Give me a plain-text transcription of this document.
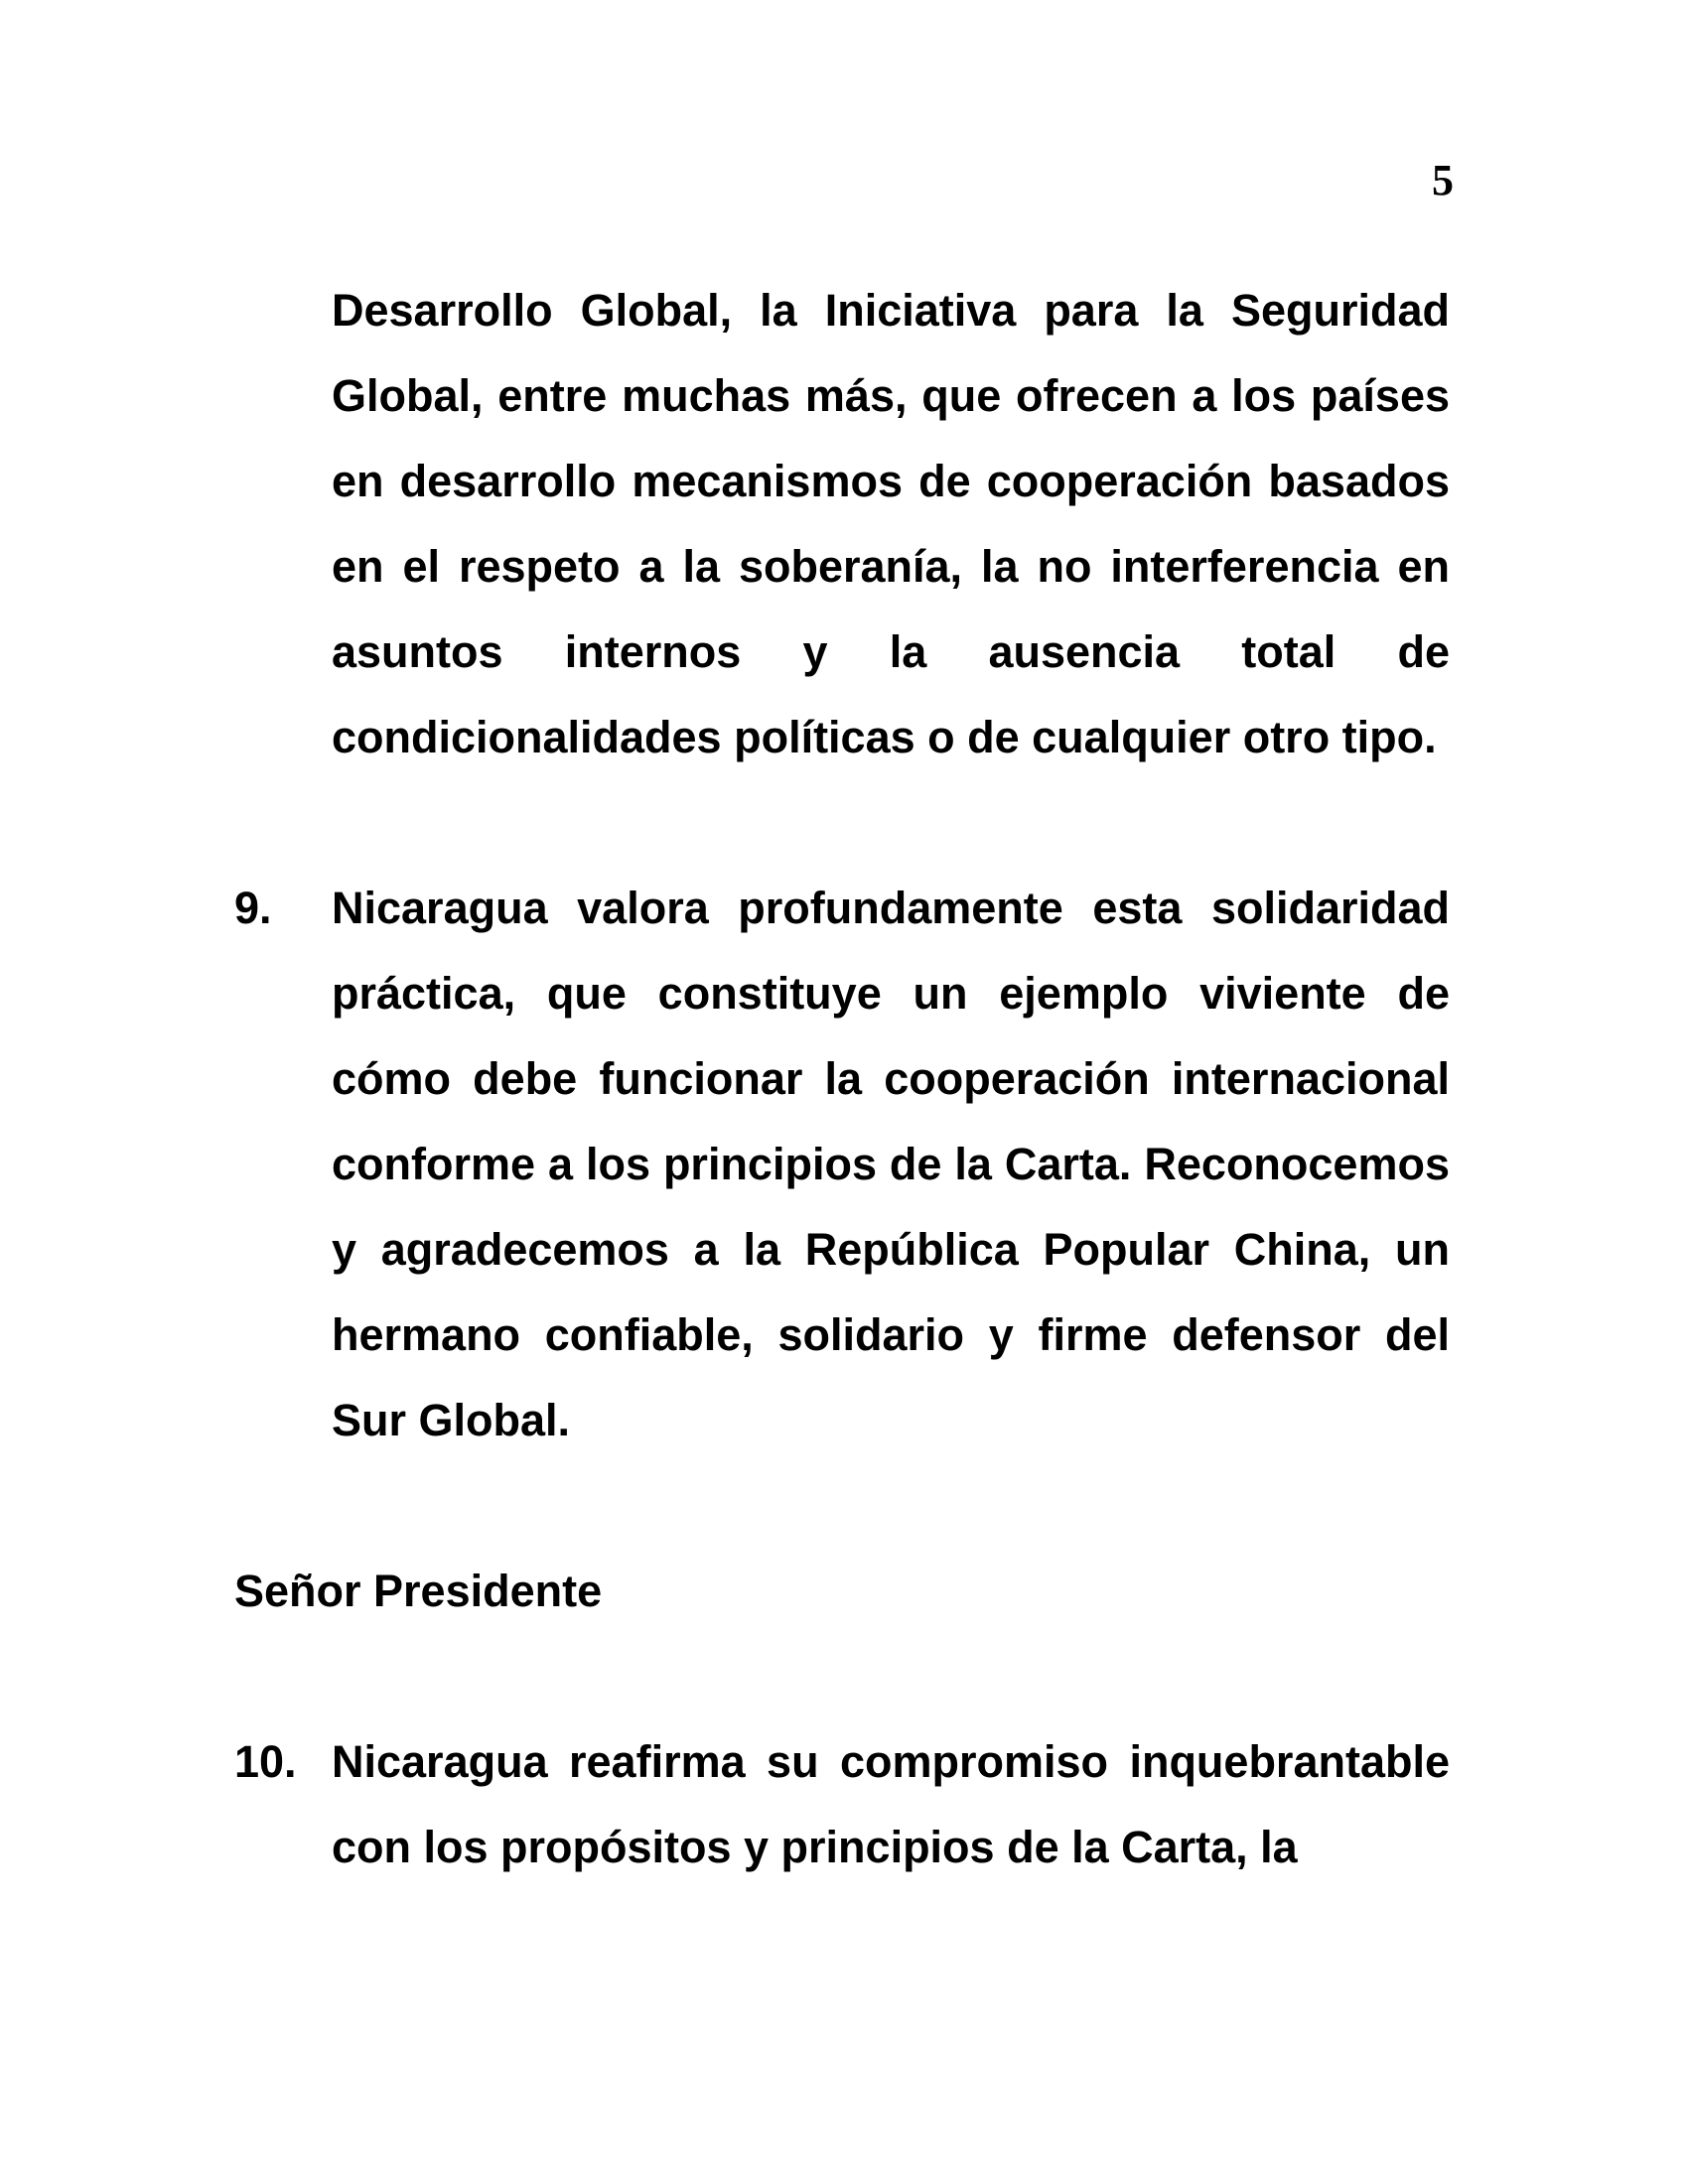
5
Desarrollo Global, la Iniciativa para la Seguridad Global, entre muchas más, que ofrecen a los países en desarrollo mecanismos de cooperación basados en el respeto a la soberanía, la no interferencia en asuntos internos y la ausencia total de condicionalidades políticas o de cualquier otro tipo.
9. Nicaragua valora profundamente esta solidaridad práctica, que constituye un ejemplo viviente de cómo debe funcionar la cooperación internacional conforme a los principios de la Carta. Reconocemos y agradecemos a la República Popular China, un hermano confiable, solidario y firme defensor del Sur Global.
Señor Presidente
10. Nicaragua reafirma su compromiso inquebrantable con los propósitos y principios de la Carta, la
